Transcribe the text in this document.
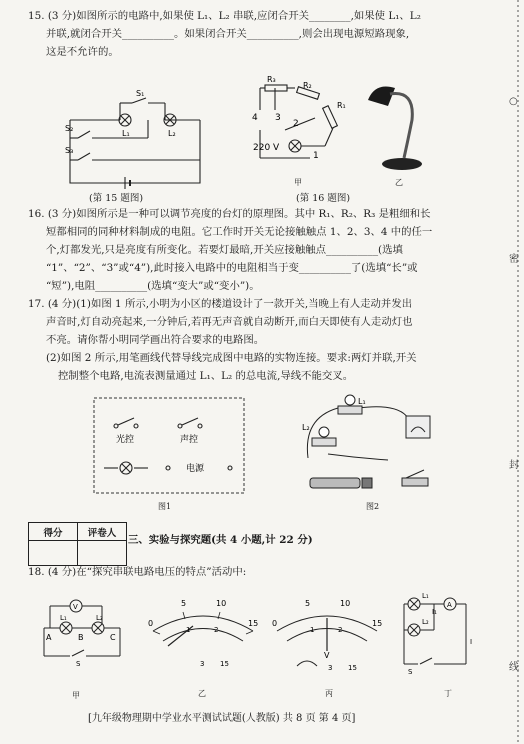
15. (3 分)如图所示的电路中,如果使 L₁、L₂ 串联,应闭合开关________,如果使 L₁、L₂
并联,就闭合开关__________。如果闭合开关__________,则会出现电源短路现象,
这是不允许的。
S₁
S₂
S₃
L₁	L₂
(第 15 题图)
R₃
R₂
R₁
4 3
2
1
220 V
甲	乙
(第 16 题图)
16. (3 分)如图所示是一种可以调节亮度的台灯的原理图。其中 R₁、R₂、R₃ 是粗细和长
短都相同的同种材料制成的电阻。它工作时开关无论接触触点 1、2、3、4 中的任一
个,灯都发光,只是亮度有所变化。若要灯最暗,开关应接触触点__________(选填
“1”、“2”、“3”或“4”),此时接入电路中的电阻相当于变__________了(选填“长”或
“短”),电阻__________(选填“变大”或“变小”)。
17. (4 分)(1)如图 1 所示,小明为小区的楼道设计了一款开关,当晚上有人走动并发出
声音时,灯自动亮起来,一分钟后,若再无声音就自动断开,而白天即使有人走动灯也
不亮。请你帮小明同学画出符合要求的电路图。
(2)如图 2 所示,用笔画线代替导线完成图中电路的实物连接。要求:两灯并联,开关
控制整个电路,电流表测量通过 L₁、L₂ 的总电流,导线不能交叉。
光控	声控
电源
图1
L₁
L₂
图2
得分	评卷人

三、实验与探究题(共 4 小题,计 22 分)
18. (4 分)在“探究串联电路电压的特点”活动中:
V
A	B	C
L₁	L₂
S
甲
0
5	10
15
1	2
3 15
乙
0
5	10
15
1	2
V
3 15
丙
L₁
L₂
I₁
A
I
S
丁
[九年级物理期中学业水平测试试题(人教版) 共 8 页 第 4 页]
○
密
封
线
